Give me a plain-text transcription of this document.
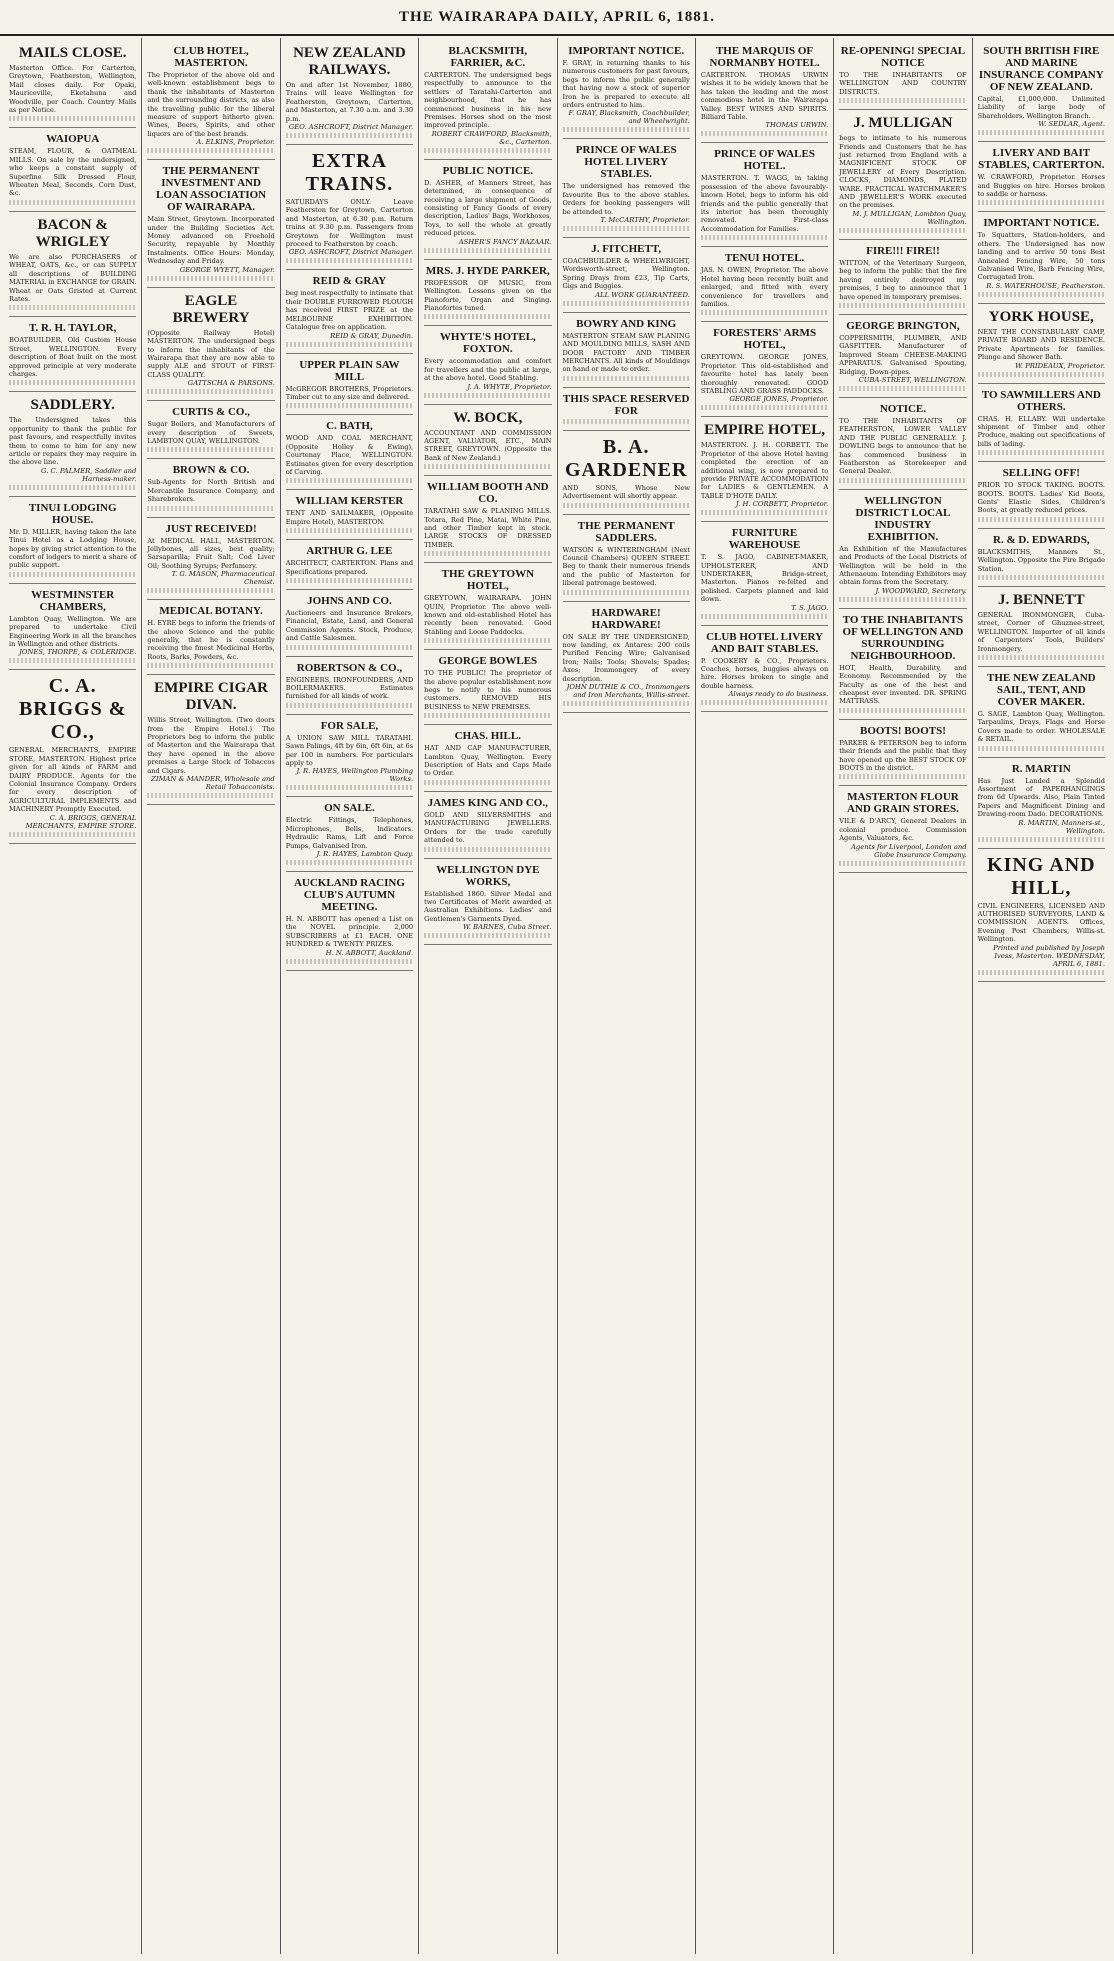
THE WAIRARAPA DAILY, APRIL 6, 1881.
MAILS CLOSE.
Masterton Office. For Carterton, Greytown, Featherston, Wellington, Mail closes daily. For Opaki, Mauriceville, Eketahuna and Woodville, per Coach. Country Mails as per Notice.
WAIOPUA
STEAM, FLOUR, & OATMEAL MILLS. On sale by the undersigned, who keeps a constant supply of Superfine Silk Dressed Flour, Wheaten Meal, Seconds, Corn Dust, &c.
BACON & WRIGLEY
We are also PURCHASERS of WHEAT, OATS, &c., or can SUPPLY all descriptions of BUILDING MATERIAL in EXCHANGE for GRAIN. Wheat or Oats Gristed at Current Rates.
T. R. H. TAYLOR,
BOATBUILDER, Old Custom House Street, WELLINGTON. Every description of Boat built on the most approved principle at very moderate charges.
SADDLERY.
The Undersigned takes this opportunity to thank the public for past favours, and respectfully invites them to come to him for any new article or repairs they may require in the above line.
G. C. PALMER, Saddler and Harness-maker.
TINUI LODGING HOUSE.
Mr. D. MILLER, having taken the late Tinui Hotel as a Lodging House, hopes by giving strict attention to the comfort of lodgers to merit a share of public support.
WESTMINSTER CHAMBERS,
Lambton Quay, Wellington. We are prepared to undertake Civil Engineering Work in all the branches in Wellington and other districts.
JONES, THORPE, & COLERIDGE.
C. A. BRIGGS & CO.,
GENERAL MERCHANTS, EMPIRE STORE, MASTERTON. Highest price given for all kinds of FARM and DAIRY PRODUCE. Agents for the Colonial Insurance Company. Orders for every description of AGRICULTURAL IMPLEMENTS and MACHINERY Promptly Executed.
C. A. BRIGGS, GENERAL MERCHANTS, EMPIRE STORE.
CLUB HOTEL, MASTERTON.
The Proprietor of the above old and well-known establishment begs to thank the inhabitants of Masterton and the surrounding districts, as also the travelling public for the liberal measure of support hitherto given. Wines, Beers, Spirits, and other liquors are of the best brands.
A. ELKINS, Proprietor.
THE PERMANENT INVESTMENT AND LOAN ASSOCIATION OF WAIRARAPA.
Main Street, Greytown. Incorporated under the Building Societies Act. Money advanced on Freehold Security, repayable by Monthly Instalments. Office Hours: Monday, Wednesday and Friday.
GEORGE WYETT, Manager.
EAGLE BREWERY
(Opposite Railway Hotel) MASTERTON. The undersigned begs to inform the inhabitants of the Wairarapa that they are now able to supply ALE and STOUT of FIRST-CLASS QUALITY.
GATTSCHA & PARSONS.
CURTIS & CO.,
Sugar Boilers, and Manufacturers of every description of Sweets, LAMBTON QUAY, WELLINGTON.
BROWN & CO.
Sub-Agents for North British and Mercantile Insurance Company, and Sharebrokers.
JUST RECEIVED!
At MEDICAL HALL, MASTERTON. Jellybones, all sizes, best quality; Sarsaparilla; Fruit Salt; Cod Liver Oil; Soothing Syrups; Perfumery.
T. G. MASON, Pharmaceutical Chemist.
MEDICAL BOTANY.
H. EYRE begs to inform the friends of the above Science and the public generally, that he is constantly receiving the finest Medicinal Herbs, Roots, Barks, Powders, &c.
EMPIRE CIGAR DIVAN.
Willis Street, Wellington. (Two doors from the Empire Hotel.) The Proprietors beg to inform the public of Masterton and the Wairarapa that they have opened in the above premises a Large Stock of Tobaccos and Cigars.
ZIMAN & MANDER, Wholesale and Retail Tobacconists.
NEW ZEALAND RAILWAYS.
On and after 1st November, 1880, Trains will leave Wellington for Featherston, Greytown, Carterton, and Masterton, at 7.30 a.m. and 3.30 p.m.
GEO. ASHCROFT, District Manager.
EXTRA TRAINS.
SATURDAYS ONLY. Leave Featherston for Greytown, Carterton and Masterton, at 6.30 p.m. Return trains at 9.30 p.m. Passengers from Greytown for Wellington must proceed to Featherston by coach.
GEO. ASHCROFT, District Manager.
REID & GRAY
beg most respectfully to intimate that their DOUBLE FURROWED PLOUGH has received FIRST PRIZE at the MELBOURNE EXHIBITION. Catalogue free on application.
REID & GRAY, Dunedin.
UPPER PLAIN SAW MILL
McGREGOR BROTHERS, Proprietors. Timber cut to any size and delivered.
C. BATH,
WOOD AND COAL MERCHANT, (Opposite Holley & Ewing), Courtenay Place, WELLINGTON. Estimates given for every description of Carving.
WILLIAM KERSTER
TENT AND SAILMAKER, (Opposite Empire Hotel), MASTERTON.
ARTHUR G. LEE
ARCHITECT, CARTERTON. Plans and Specifications prepared.
JOHNS AND CO.
Auctioneers and Insurance Brokers, Financial, Estate, Land, and General Commission Agents. Stock, Produce, and Cattle Salesmen.
ROBERTSON & CO.,
ENGINEERS, IRONFOUNDERS, AND BOILERMAKERS. Estimates furnished for all kinds of work.
FOR SALE,
A UNION SAW MILL TARATAHI. Sawn Palings, 4ft by 6in, 6ft 6in, at 6s per 100 in numbers. For particulars apply to
J. R. HAYES, Wellington Plumbing Works.
ON SALE.
Electric Fittings, Telephones, Microphones, Bells, Indicators. Hydraulic Rams, Lift and Force Pumps, Galvanised Iron.
J. R. HAYES, Lambton Quay.
AUCKLAND RACING CLUB'S AUTUMN MEETING.
H. N. ABBOTT has opened a List on the NOVEL principle. 2,000 SUBSCRIBERS at £1 EACH. ONE HUNDRED & TWENTY PRIZES.
H. N. ABBOTT, Auckland.
BLACKSMITH, FARRIER, &C.
CARTERTON. The undersigned begs respectfully to announce to the settlers of Taratahi-Carterton and neighbourhood, that he has commenced business in his new Premises. Horses shod on the most improved principle.
ROBERT CRAWFORD, Blacksmith, &c., Carterton.
PUBLIC NOTICE.
D. ASHER, of Manners Street, has determined, in consequence of receiving a large shipment of Goods, consisting of Fancy Goods of every description, Ladies' Bags, Workboxes, Toys, to sell the whole at greatly reduced prices.
ASHER'S FANCY BAZAAR.
MRS. J. HYDE PARKER,
PROFESSOR OF MUSIC, from Wellington. Lessons given on the Pianoforte, Organ and Singing. Pianofortes tuned.
WHYTE'S HOTEL, FOXTON.
Every accommodation and comfort for travellers and the public at large, at the above hotel. Good Stabling.
J. A. WHYTE, Proprietor.
W. BOCK,
ACCOUNTANT AND COMMISSION AGENT, VALUATOR, ETC., MAIN STREET, GREYTOWN. (Opposite the Bank of New Zealand.)
WILLIAM BOOTH AND CO.
TARATAHI SAW & PLANING MILLS. Totara, Red Pine, Matai, White Pine, and other Timber kept in stock. LARGE STOCKS OF DRESSED TIMBER.
THE GREYTOWN HOTEL,
GREYTOWN, WAIRARAPA. JOHN QUIN, Proprietor. The above well-known and old-established Hotel has recently been renovated. Good Stabling and Loose Paddocks.
GEORGE BOWLES
TO THE PUBLIC! The proprietor of the above popular establishment now begs to notify to his numerous customers. REMOVED HIS BUSINESS to NEW PREMISES.
CHAS. HILL.
HAT AND CAP MANUFACTURER, Lambton Quay, Wellington. Every Description of Hats and Caps Made to Order.
JAMES KING AND CO.,
GOLD AND SILVERSMITHS and MANUFACTURING JEWELLERS. Orders for the trade carefully attended to.
WELLINGTON DYE WORKS,
Established 1860. Silver Medal and two Certificates of Merit awarded at Australian Exhibitions. Ladies' and Gentlemen's Garments Dyed.
W. BARNES, Cuba Street.
IMPORTANT NOTICE.
F. GRAY, in returning thanks to his numerous customers for past favours, begs to inform the public generally that having now a stock of superior Iron he is prepared to execute all orders entrusted to him.
F. GRAY, Blacksmith, Coachbuilder, and Wheelwright.
PRINCE OF WALES HOTEL LIVERY STABLES.
The undersigned has removed the favourite Bus to the above stables. Orders for booking passengers will be attended to.
T. McCARTHY, Proprietor.
J. FITCHETT,
COACHBUILDER & WHEELWRIGHT, Wordsworth-street, Wellington. Spring Drays from £23, Tip Carts, Gigs and Buggies.
ALL WORK GUARANTEED.
BOWRY AND KING
MASTERTON STEAM SAW PLANING AND MOULDING MILLS, SASH AND DOOR FACTORY AND TIMBER MERCHANTS. All kinds of Mouldings on hand or made to order.
THIS SPACE RESERVED FOR
B. A. GARDENER
AND SONS, Whose New Advertisement will shortly appear.
THE PERMANENT SADDLERS.
WATSON & WINTERINGHAM (Next Council Chambers) QUEEN STREET. Beg to thank their numerous friends and the public of Masterton for liberal patronage bestowed.
HARDWARE! HARDWARE!
ON SALE BY THE UNDERSIGNED, now landing, ex Antares: 200 coils Purified Fencing Wire; Galvanised Iron; Nails; Tools; Shovels; Spades; Axes; Ironmongery of every description.
JOHN DUTHIE & CO., Ironmongers and Iron Merchants, Willis-street.
THE MARQUIS OF NORMANBY HOTEL.
CARTERTON. THOMAS URWIN wishes it to be widely known that he has taken the leading and the most commodious hotel in the Wairarapa Valley. BEST WINES AND SPIRITS. Billiard Table.
THOMAS URWIN.
PRINCE OF WALES HOTEL.
MASTERTON. T. WAGG, in taking possession of the above favourably-known Hotel, begs to inform his old friends and the public generally that its interior has been thoroughly renovated. First-class Accommodation for Families.
TENUI HOTEL.
JAS. N. OWEN, Proprietor. The above Hotel having been recently built and enlarged, and fitted with every convenience for travellers and families.
FORESTERS' ARMS HOTEL,
GREYTOWN. GEORGE JONES, Proprietor. This old-established and favourite hotel has lately been thoroughly renovated. GOOD STABLING AND GRASS PADDOCKS.
GEORGE JONES, Proprietor.
EMPIRE HOTEL,
MASTERTON. J. H. CORBETT. The Proprietor of the above Hotel having completed the erection of an additional wing, is now prepared to provide PRIVATE ACCOMMODATION for LADIES & GENTLEMEN. A TABLE D'HOTE DAILY.
J. H. CORBETT, Proprietor.
FURNITURE WAREHOUSE
T. S. JAGO, CABINET-MAKER, UPHOLSTERER, AND UNDERTAKER, Bridge-street, Masterton. Pianos re-felted and polished. Carpets planned and laid down.
T. S. JAGO.
CLUB HOTEL LIVERY AND BAIT STABLES.
P. COOKERY & CO., Proprietors. Coaches, horses, buggies always on hire. Horses broken to single and double harness.
Always ready to do business.
RE-OPENING! SPECIAL NOTICE
TO THE INHABITANTS OF WELLINGTON AND COUNTRY DISTRICTS.
J. MULLIGAN
begs to intimate to his numerous Friends and Customers that he has just returned from England with a MAGNIFICENT STOCK OF JEWELLERY of Every Description. CLOCKS, DIAMONDS, PLATED WARE. PRACTICAL WATCHMAKER'S AND JEWELLER'S WORK executed on the premises.
M. J. MULLIGAN, Lambton Quay, Wellington.
FIRE!!! FIRE!!
WITTON, of the Veterinary Surgeon, beg to inform the public that the fire having entirely destroyed my premises, I beg to announce that I have opened in temporary premises.
GEORGE BRINGTON,
COPPERSMITH, PLUMBER, AND GASFITTER. Manufacturer of Improved Steam CHEESE-MAKING APPARATUS. Galvanised Spouting, Ridging, Down-pipes.
CUBA-STREET, WELLINGTON.
NOTICE.
TO THE INHABITANTS OF FEATHERSTON, LOWER VALLEY AND THE PUBLIC GENERALLY. J. DOWLING begs to announce that he has commenced business in Featherston as Storekeeper and General Dealer.
WELLINGTON DISTRICT LOCAL INDUSTRY EXHIBITION.
An Exhibition of the Manufactures and Products of the Local Districts of Wellington will be held in the Athenaeum. Intending Exhibitors may obtain forms from the Secretary.
J. WOODWARD, Secretary.
TO THE INHABITANTS OF WELLINGTON AND SURROUNDING NEIGHBOURHOOD.
HOT, Health, Durability, and Economy. Recommended by the Faculty as one of the best and cheapest ever invented. DR. SPRING MATTRASS.
BOOTS! BOOTS!
PARKER & PETERSON beg to inform their friends and the public that they have opened up the BEST STOCK OF BOOTS in the district.
MASTERTON FLOUR AND GRAIN STORES.
VILE & D'ARCY, General Dealers in colonial produce. Commission Agents, Valuators, &c.
Agents for Liverpool, London and Globe Insurance Company.
SOUTH BRITISH FIRE AND MARINE INSURANCE COMPANY OF NEW ZEALAND.
Capital, £1,000,000. Unlimited Liability of large body of Shareholders. Wellington Branch.
W. SEDLAR, Agent.
LIVERY AND BAIT STABLES, CARTERTON.
W. CRAWFORD, Proprietor. Horses and Buggies on hire. Horses broken to saddle or harness.
IMPORTANT NOTICE.
To Squatters, Station-holders, and others. The Undersigned has now landing and to arrive 50 tons Best Annealed Fencing Wire, 50 tons Galvanised Wire, Barb Fencing Wire, Corrugated Iron.
R. S. WATERHOUSE, Featherston.
YORK HOUSE,
NEXT THE CONSTABULARY CAMP, PRIVATE BOARD AND RESIDENCE. Private Apartments for families. Plunge and Shower Bath.
W. PRIDEAUX, Proprietor.
TO SAWMILLERS AND OTHERS.
CHAS. H. ELLABY. Will undertake shipment of Timber and other Produce, making out specifications of bills of lading.
SELLING OFF!
PRIOR TO STOCK TAKING. BOOTS. BOOTS. BOOTS. Ladies' Kid Boots, Gents' Elastic Sides, Children's Boots, at greatly reduced prices.
R. & D. EDWARDS,
BLACKSMITHS, Manners St., Wellington. Opposite the Fire Brigade Station.
J. BENNETT
GENERAL IRONMONGER, Cuba-street, Corner of Ghuznee-street, WELLINGTON. Importer of all kinds of Carpenters' Tools, Builders' Ironmongery.
THE NEW ZEALAND SAIL, TENT, AND COVER MAKER.
G. SAGE, Lambton Quay, Wellington. Tarpaulins, Drays, Flags and Horse Covers made to order. WHOLESALE & RETAIL.
R. MARTIN
Has Just Landed a Splendid Assortment of PAPERHANGINGS from 6d Upwards. Also, Plain Tinted Papers and Magnificent Dining and Drawing-room Dado. DECORATIONS.
R. MARTIN, Manners-st., Wellington.
KING AND HILL,
CIVIL ENGINEERS, LICENSED AND AUTHORISED SURVEYORS, LAND & COMMISSION AGENTS. Offices, Evening Post Chambers, Willis-st. Wellington.
Printed and published by Joseph Ivess, Masterton. WEDNESDAY, APRIL 6, 1881.
